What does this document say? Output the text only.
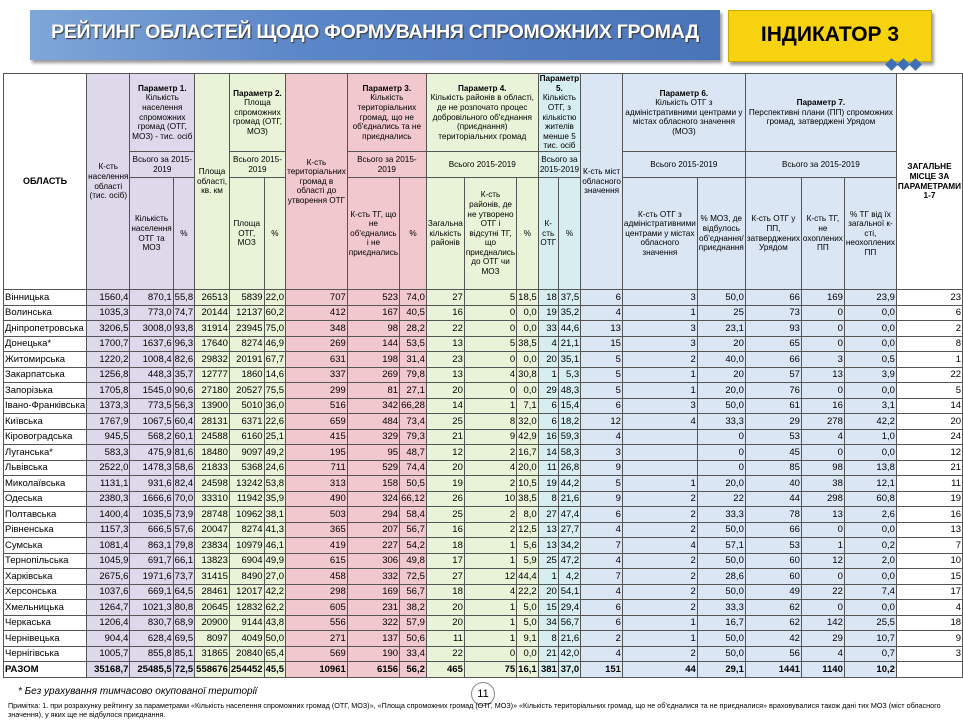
РЕЙТИНГ ОБЛАСТЕЙ ЩОДО ФОРМУВАННЯ СПРОМОЖНИХ ГРОМАД	ІНДИКАТОР 3
ОБЛАСТЬ	К-сть населення області (тис. осіб)	Параметр 1.
Кількість населення спроможних громад (ОТГ, МОЗ) - тис. осіб		Площа області, кв. км	Параметр 2.
Площа спроможних громад (ОТГ, МОЗ)		К-сть територіальних громад в області до утворення ОТГ	Параметр 3.
Кількість територіальних громад, що не об'єднались та не приєднались		Параметр 4.
Кількість районів в області, де не розпочато процес добровільного об'єднання (приєднання) територіальних громад			Параметр 5.
Кількість ОТГ, з кількістю жителів менше 5 тис. осіб		К-сть міст обласного значення	Параметр 6.
Кількість ОТГ з адміністративними центрами у містах обласного значення (МОЗ)		Параметр 7.
Перспективні плани (ПП) спроможних громад, затверджені Урядом			ЗАГАЛЬНЕ МІСЦЕ ЗА ПАРАМЕТРАМИ 1-7
		Всього за 2015-2019			Всього 2015-2019			Всього за 2015-2019		Всього 2015-2019			Всього за 2015-2019			Всього 2015-2019		Всього за 2015-2019			
		Кількість населення ОТГ та МОЗ	%		Площа ОТГ, МОЗ	%		К-сть ТГ, що не об'єднались і не приєднались	%	Загальна кількість районів	К-сть районів, де не утворено ОТГ і відсутні ТГ, що приєднались до ОТГ чи МОЗ	%	К-сть ОТГ	%		К-сть ОТГ з адміністративними центрами у містах обласного значення	% МОЗ, де відбулось об'єднання/приєднання	К-сть ОТГ у ПП, затверджених Урядом	К-сть ТГ, не охоплених ПП	% ТГ від їх загальної к-сті, неохоплених ПП	
Вінницька	1560,4	870,1	55,8	26513	5839	22,0	707	523	74,0	27	5	18,5	18	37,5	6	3	50,0	66	169	23,9	23
Волинська	1035,3	773,0	74,7	20144	12137	60,2	412	167	40,5	16	0	0,0	19	35,2	4	1	25	73	0	0,0	6
Дніпропетровська	3206,5	3008,0	93,8	31914	23945	75,0	348	98	28,2	22	0	0,0	33	44,6	13	3	23,1	93	0	0,0	2
Донецька*	1700,7	1637,6	96,3	17640	8274	46,9	269	144	53,5	13	5	38,5	4	21,1	15	3	20	65	0	0,0	8
Житомирська	1220,2	1008,4	82,6	29832	20191	67,7	631	198	31,4	23	0	0,0	20	35,1	5	2	40,0	66	3	0,5	1
Закарпатська	1256,8	448,3	35,7	12777	1860	14,6	337	269	79,8	13	4	30,8	1	5,3	5	1	20	57	13	3,9	22
Запорізька	1705,8	1545,0	90,6	27180	20527	75,5	299	81	27,1	20	0	0,0	29	48,3	5	1	20,0	76	0	0,0	5
Івано-Франківська	1373,3	773,5	56,3	13900	5010	36,0	516	342	66,28	14	1	7,1	6	15,4	6	3	50,0	61	16	3,1	14
Київська	1767,9	1067,5	60,4	28131	6371	22,6	659	484	73,4	25	8	32,0	6	18,2	12	4	33,3	29	278	42,2	20
Кіровоградська	945,5	568,2	60,1	24588	6160	25,1	415	329	79,3	21	9	42,9	16	59,3	4		0	53	4	1,0	24
Луганська*	583,3	475,9	81,6	18480	9097	49,2	195	95	48,7	12	2	16,7	14	58,3	3		0	45	0	0,0	12
Львівська	2522,0	1478,3	58,6	21833	5368	24,6	711	529	74,4	20	4	20,0	11	26,8	9		0	85	98	13,8	21
Миколаївська	1131,1	931,6	82,4	24598	13242	53,8	313	158	50,5	19	2	10,5	19	44,2	5	1	20,0	40	38	12,1	11
Одеська	2380,3	1666,6	70,0	33310	11942	35,9	490	324	66,12	26	10	38,5	8	21,6	9	2	22	44	298	60,8	19
Полтавська	1400,4	1035,5	73,9	28748	10962	38,1	503	294	58,4	25	2	8,0	27	47,4	6	2	33,3	78	13	2,6	16
Рівненська	1157,3	666,5	57,6	20047	8274	41,3	365	207	56,7	16	2	12,5	13	27,7	4	2	50,0	66	0	0,0	13
Сумська	1081,4	863,1	79,8	23834	10979	46,1	419	227	54,2	18	1	5,6	13	34,2	7	4	57,1	53	1	0,2	7
Тернопільська	1045,9	691,7	66,1	13823	6904	49,9	615	306	49,8	17	1	5,9	25	47,2	4	2	50,0	60	12	2,0	10
Харківська	2675,6	1971,6	73,7	31415	8490	27,0	458	332	72,5	27	12	44,4	1	4,2	7	2	28,6	60	0	0,0	15
Херсонська	1037,6	669,1	64,5	28461	12017	42,2	298	169	56,7	18	4	22,2	20	54,1	4	2	50,0	49	22	7,4	17
Хмельницька	1264,7	1021,3	80,8	20645	12832	62,2	605	231	38,2	20	1	5,0	15	29,4	6	2	33,3	62	0	0,0	4
Черкаська	1206,4	830,7	68,9	20900	9144	43,8	556	322	57,9	20	1	5,0	34	56,7	6	1	16,7	62	142	25,5	18
Чернівецька	904,4	628,4	69,5	8097	4049	50,0	271	137	50,6	11	1	9,1	8	21,6	2	1	50,0	42	29	10,7	9
Чернігівська	1005,7	855,8	85,1	31865	20840	65,4	569	190	33,4	22	0	0,0	21	42,0	4	2	50,0	56	4	0,7	3
РАЗОМ	35168,7	25485,5	72,5	558676	254452	45,5	10961	6156	56,2	465	75	16,1	381	37,0	151	44	29,1	1441	1140	10,2	
11
* Без урахування тимчасово окупованої території
Примітка: 1. при розрахунку рейтингу за параметрами «Кількість населення спроможних громад (ОТГ, МОЗ)», «Площа спроможних громад (ОТГ, МОЗ)» «Кількість територіальних громад, що не об’єдналися та не приєдналися» враховувалися також дані тих МОЗ (міст обласного значення), у яких ще не відбулося приєднання.
